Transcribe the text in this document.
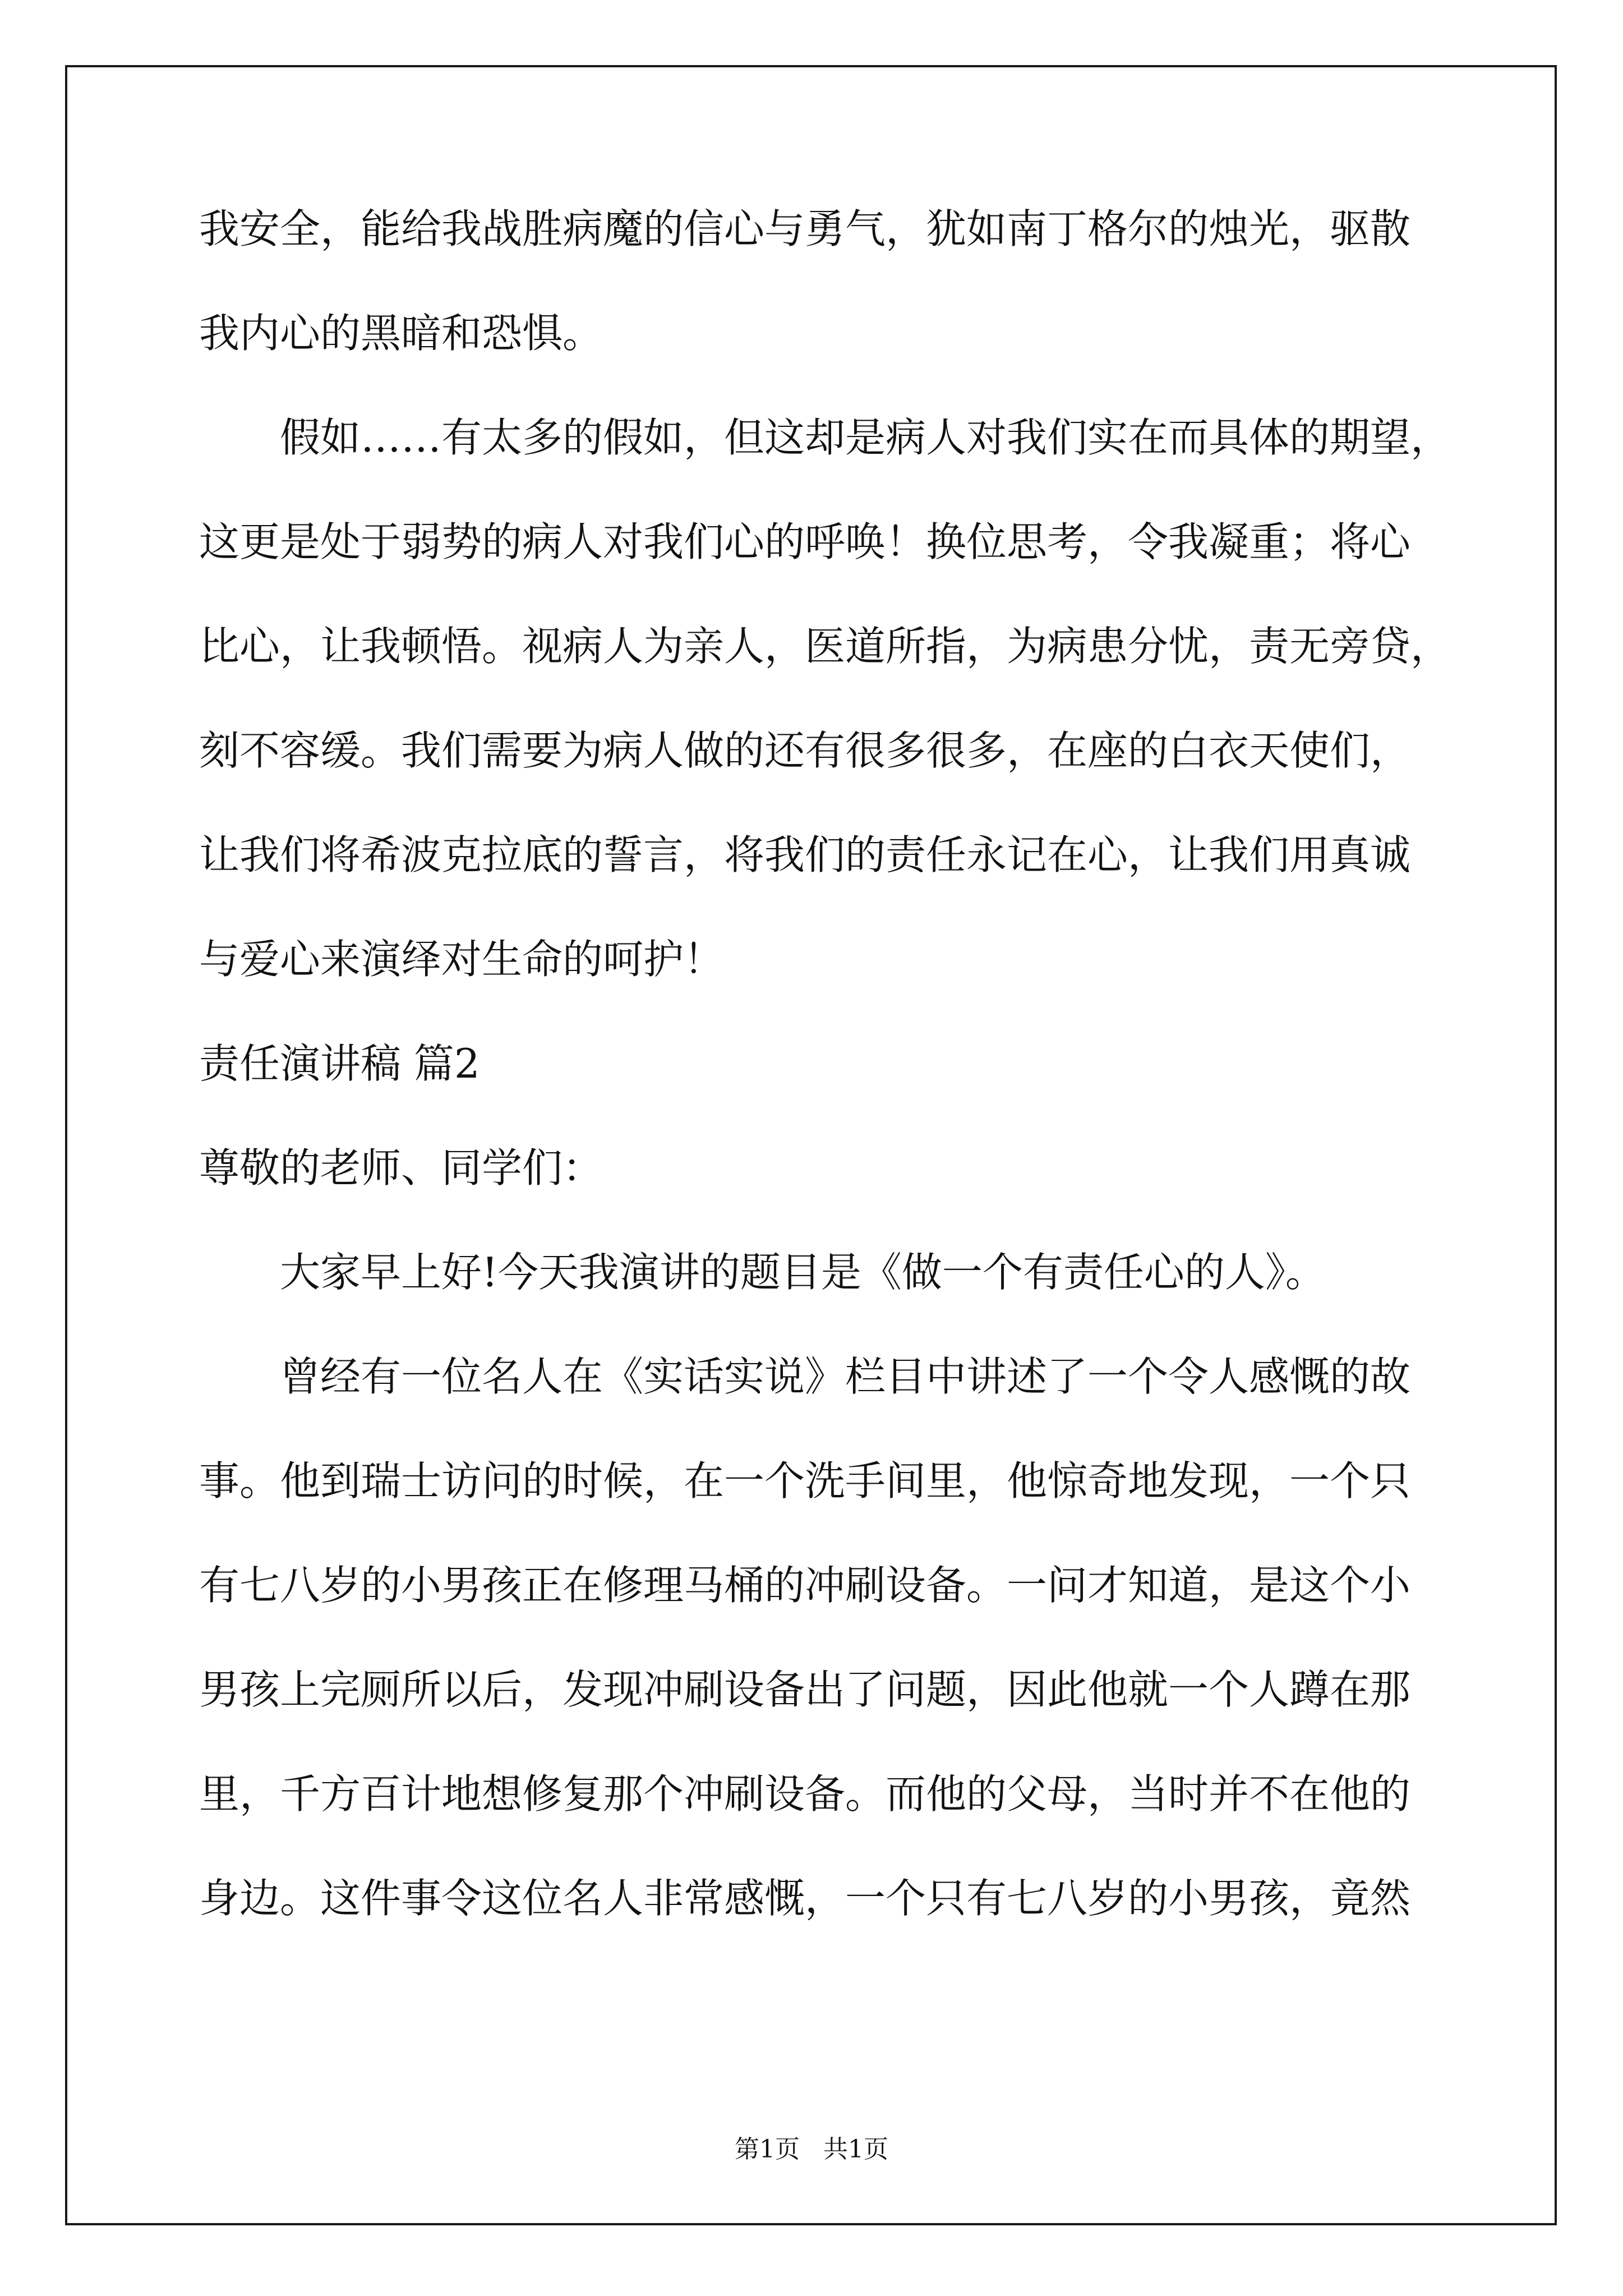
我安全，能给我战胜病魔的信心与勇气，犹如南丁格尔的烛光，驱散

我内心的黑暗和恐惧。

假如……有太多的假如，但这却是病人对我们实在而具体的期望，

这更是处于弱势的病人对我们心的呼唤！换位思考，令我凝重；将心

比心，让我顿悟。视病人为亲人，医道所指，为病患分忧，责无旁贷，

刻不容缓。我们需要为病人做的还有很多很多，在座的白衣天使们，

让我们将希波克拉底的誓言，将我们的责任永记在心，让我们用真诚

与爱心来演绎对生命的呵护！

责任演讲稿 篇2

尊敬的老师、同学们：

大家早上好!今天我演讲的题目是《做一个有责任心的人》。

曾经有一位名人在《实话实说》栏目中讲述了一个令人感慨的故

事。他到瑞士访问的时候，在一个洗手间里，他惊奇地发现，一个只

有七八岁的小男孩正在修理马桶的冲刷设备。一问才知道，是这个小

男孩上完厕所以后，发现冲刷设备出了问题，因此他就一个人蹲在那

里，千方百计地想修复那个冲刷设备。而他的父母，当时并不在他的

身边。这件事令这位名人非常感慨，一个只有七八岁的小男孩，竟然

第1页 共1页
